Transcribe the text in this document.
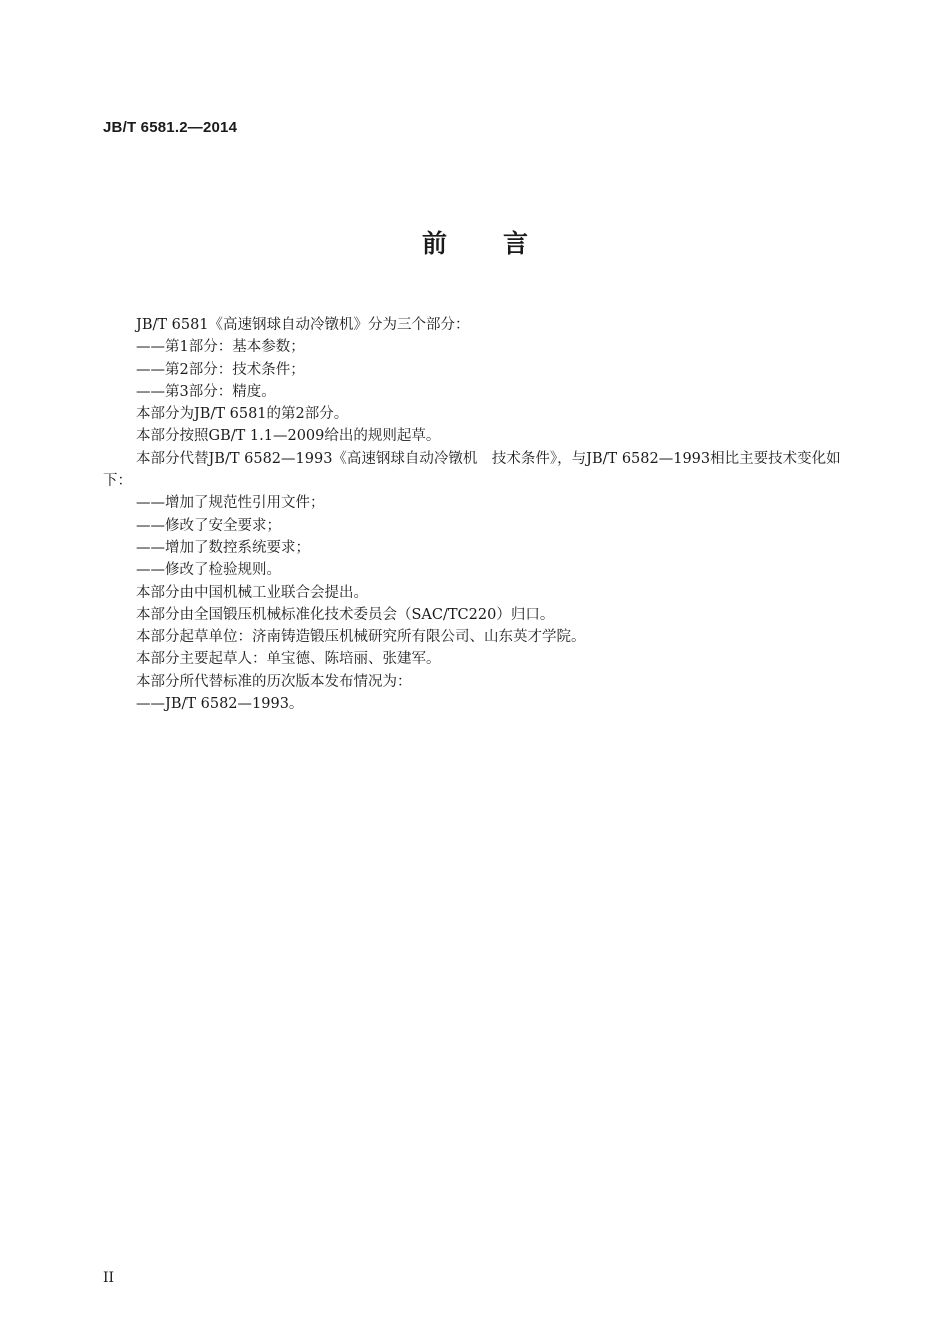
JB/T 6581.2—2014
前 言

JB/T 6581《高速钢球自动冷镦机》分为三个部分：

——第1部分：基本参数；

——第2部分：技术条件；

——第3部分：精度。

本部分为JB/T 6581的第2部分。

本部分按照GB/T 1.1—2009给出的规则起草。

本部分代替JB/T 6582—1993《高速钢球自动冷镦机　技术条件》，与JB/T 6582—1993相比主要技术变化如下：

——增加了规范性引用文件；

——修改了安全要求；

——增加了数控系统要求；

——修改了检验规则。

本部分由中国机械工业联合会提出。

本部分由全国锻压机械标准化技术委员会（SAC/TC220）归口。

本部分起草单位：济南铸造锻压机械研究所有限公司、山东英才学院。

本部分主要起草人：单宝德、陈培丽、张建军。

本部分所代替标准的历次版本发布情况为：

——JB/T 6582—1993。

II
